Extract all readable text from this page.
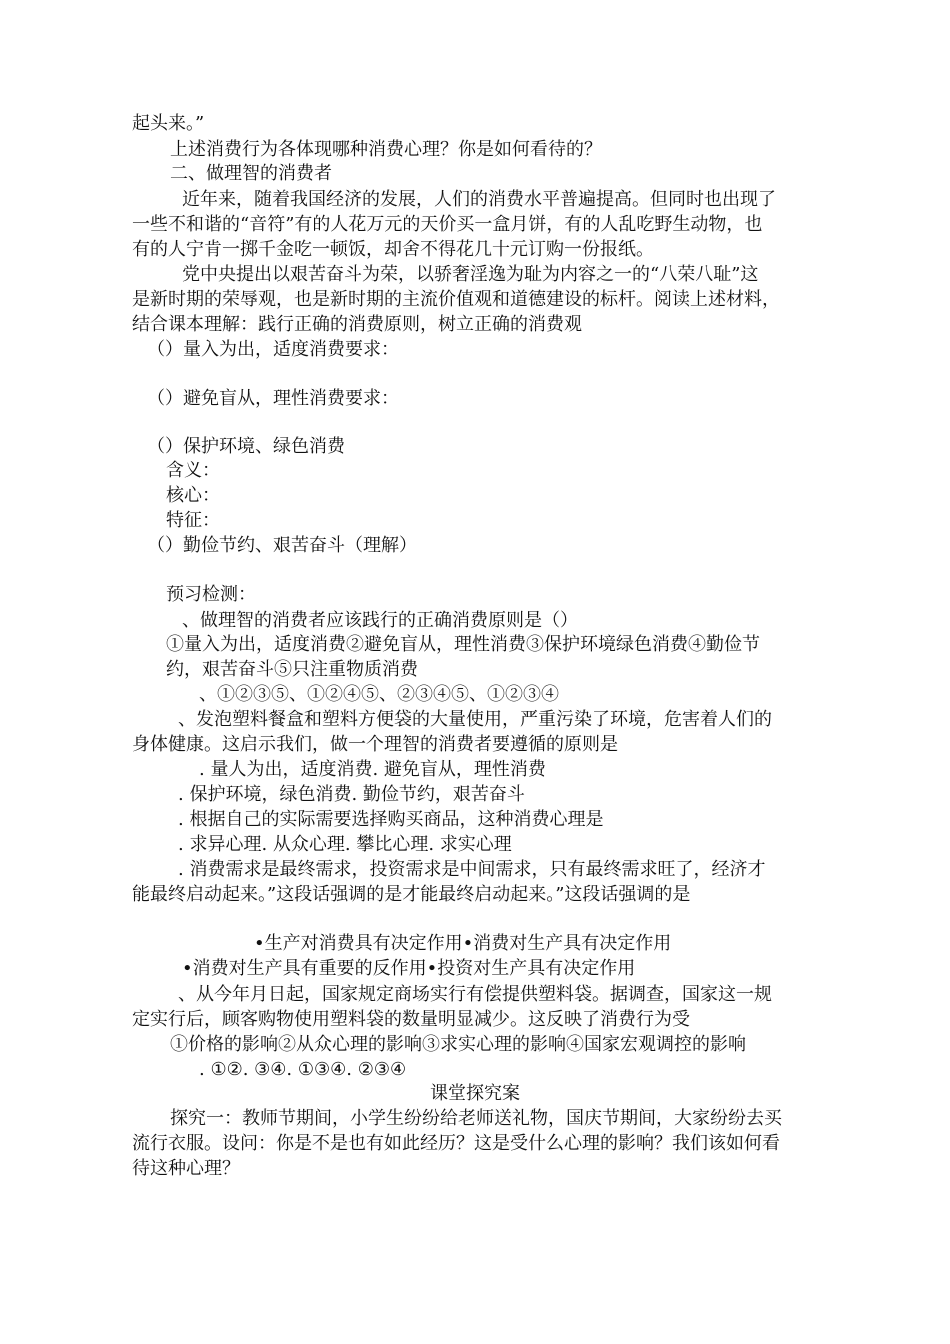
起头来。”
上述消费行为各体现哪种消费心理？你是如何看待的？
二、做理智的消费者
近年来，随着我国经济的发展，人们的消费水平普遍提高。但同时也出现了
一些不和谐的“音符”有的人花万元的天价买一盒月饼，有的人乱吃野生动物，也
有的人宁肯一掷千金吃一顿饭，却舍不得花几十元订购一份报纸。
党中央提出以艰苦奋斗为荣，以骄奢淫逸为耻为内容之一的“八荣八耻”这
是新时期的荣辱观，也是新时期的主流价值观和道德建设的标杆。阅读上述材料，
结合课本理解：践行正确的消费原则，树立正确的消费观
（）量入为出，适度消费要求：
（）避免盲从，理性消费要求：
（）保护环境、绿色消费
含义：
核心：
特征：
（）勤俭节约、艰苦奋斗（理解）
预习检测：
、做理智的消费者应该践行的正确消费原则是（）
①量入为出，适度消费②避免盲从，理性消费③保护环境绿色消费④勤俭节
约，艰苦奋斗⑤只注重物质消费
、①②③⑤、①②④⑤、②③④⑤、①②③④
、发泡塑料餐盒和塑料方便袋的大量使用，严重污染了环境，危害着人们的
身体健康。这启示我们，做一个理智的消费者要遵循的原则是
. 量人为出，适度消费. 避免盲从，理性消费
. 保护环境，绿色消费. 勤俭节约，艰苦奋斗
. 根据自己的实际需要选择购买商品，这种消费心理是
. 求异心理. 从众心理. 攀比心理. 求实心理
. 消费需求是最终需求，投资需求是中间需求，只有最终需求旺了，经济才
能最终启动起来。”这段话强调的是才能最终启动起来。”这段话强调的是
•生产对消费具有决定作用•消费对生产具有决定作用
•消费对生产具有重要的反作用•投资对生产具有决定作用
、从今年月日起，国家规定商场实行有偿提供塑料袋。据调查，国家这一规
定实行后，顾客购物使用塑料袋的数量明显减少。这反映了消费行为受
①价格的影响②从众心理的影响③求实心理的影响④国家宏观调控的影响
. ①②. ③④. ①③④. ②③④
课堂探究案
探究一：教师节期间，小学生纷纷给老师送礼物，国庆节期间，大家纷纷去买
流行衣服。设问：你是不是也有如此经历？这是受什么心理的影响？我们该如何看
待这种心理？
